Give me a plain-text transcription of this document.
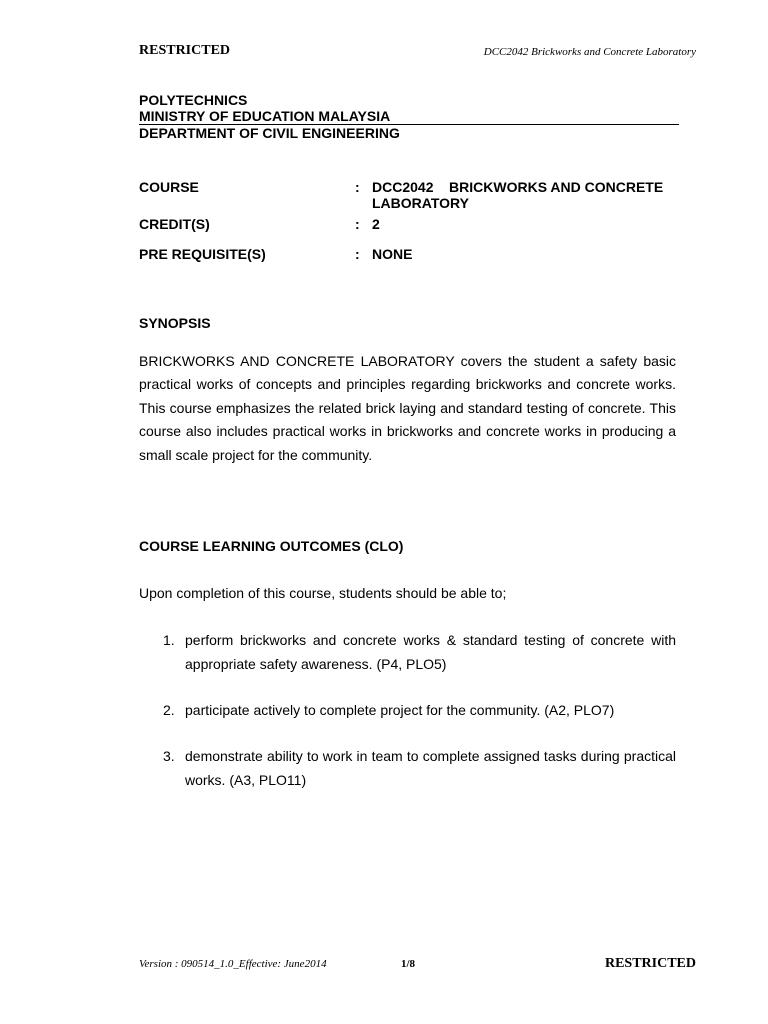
RESTRICTED	DCC2042 Brickworks and Concrete Laboratory
POLYTECHNICS
MINISTRY OF EDUCATION MALAYSIA
DEPARTMENT OF CIVIL ENGINEERING
COURSE	: DCC2042    BRICKWORKS AND CONCRETE LABORATORY
CREDIT(S)	: 2
PRE REQUISITE(S)	: NONE
SYNOPSIS
BRICKWORKS AND CONCRETE LABORATORY covers the student a safety basic practical works of concepts and principles regarding brickworks and concrete works. This course emphasizes the related brick laying and standard testing of concrete. This course also includes practical works in brickworks and concrete works in producing a small scale project for the community.
COURSE LEARNING OUTCOMES (CLO)
Upon completion of this course, students should be able to;
1. perform brickworks and concrete works & standard testing of concrete with appropriate safety awareness. (P4, PLO5)
2. participate actively to complete project for the community. (A2, PLO7)
3. demonstrate ability to work in team to complete assigned tasks during practical works. (A3, PLO11)
Version : 090514_1.0_Effective: June2014	1/8	RESTRICTED
